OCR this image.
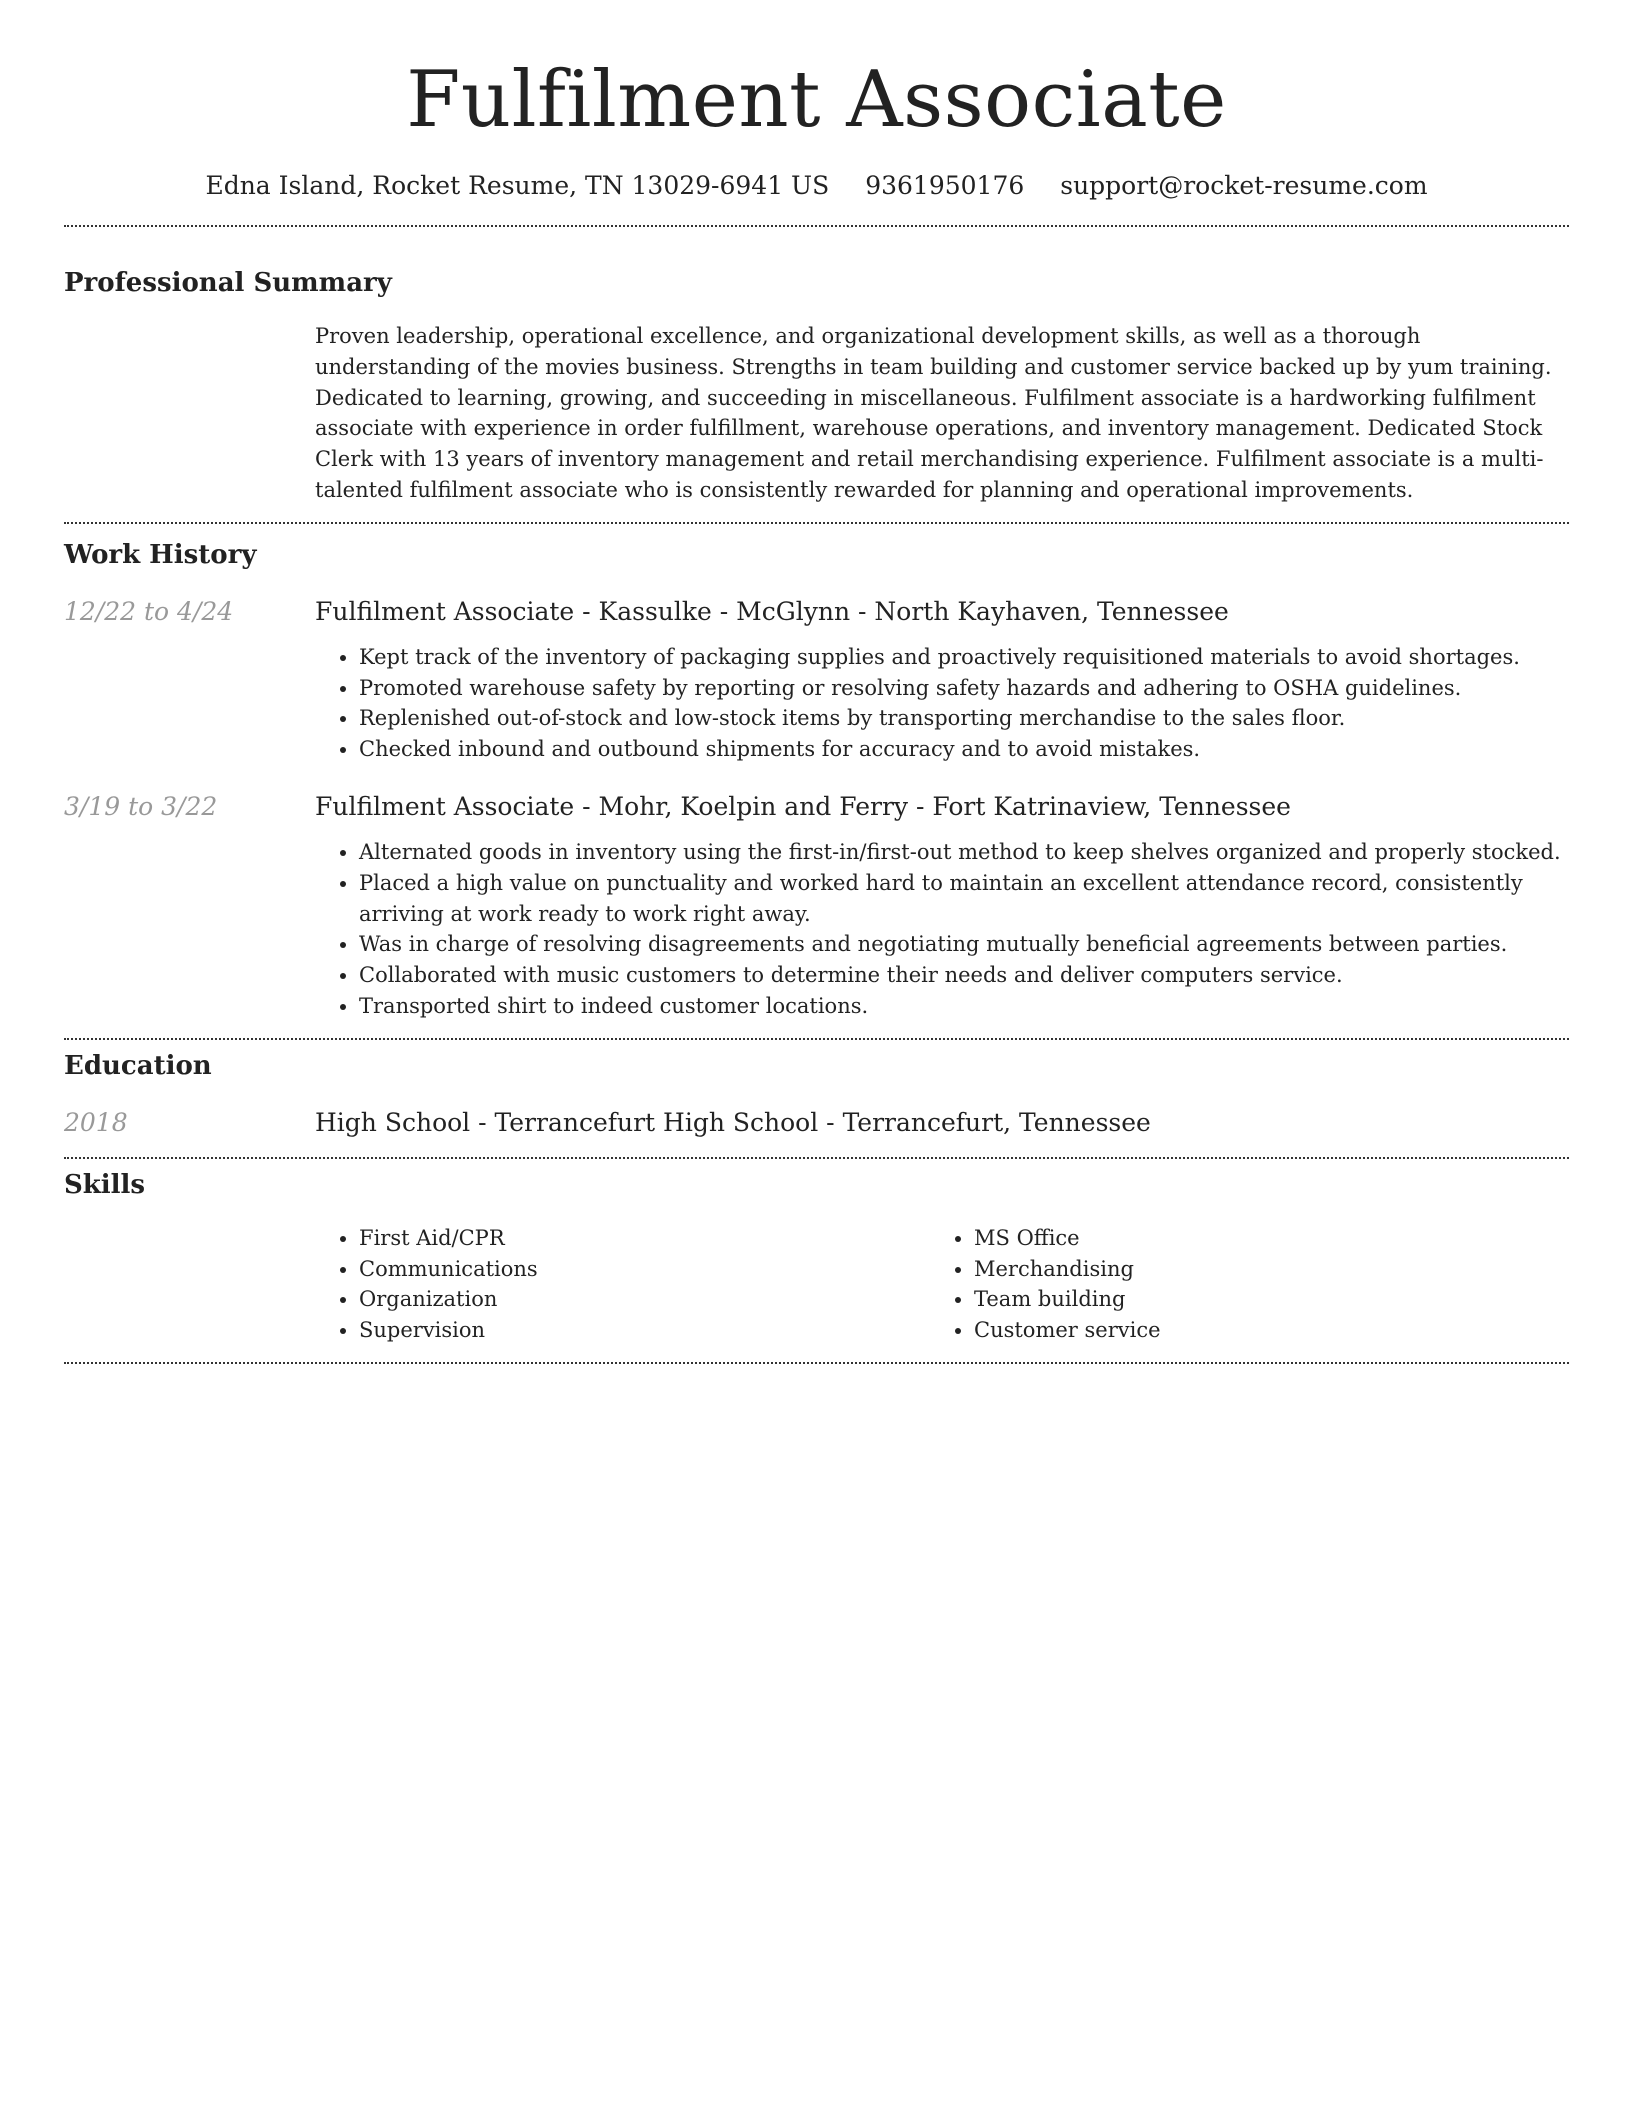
Fulfilment Associate
Edna Island, Rocket Resume, TN 13029-6941 US 9361950176 support@rocket-resume.com
Professional Summary

Proven leadership, operational excellence, and organizational development skills, as well as a thorough understanding of the movies business. Strengths in team building and customer service backed up by yum training. Dedicated to learning, growing, and succeeding in miscellaneous. Fulfilment associate is a hardworking fulfilment associate with experience in order fulfillment, warehouse operations, and inventory management. Dedicated Stock Clerk with 13 years of inventory management and retail merchandising experience. Fulfilment associate is a multi-talented fulfilment associate who is consistently rewarded for planning and operational improvements.

Work History
12/22 to 4/24	Fulfilment Associate - Kassulke - McGlynn - North Kayhaven, Tennessee

• Kept track of the inventory of packaging supplies and proactively requisitioned materials to avoid shortages.
• Promoted warehouse safety by reporting or resolving safety hazards and adhering to OSHA guidelines.
• Replenished out-of-stock and low-stock items by transporting merchandise to the sales floor.
• Checked inbound and outbound shipments for accuracy and to avoid mistakes.
3/19 to 3/22	Fulfilment Associate - Mohr, Koelpin and Ferry - Fort Katrinaview, Tennessee

• Alternated goods in inventory using the first-in/first-out method to keep shelves organized and properly stocked.
• Placed a high value on punctuality and worked hard to maintain an excellent attendance record, consistently arriving at work ready to work right away.
• Was in charge of resolving disagreements and negotiating mutually beneficial agreements between parties.
• Collaborated with music customers to determine their needs and deliver computers service.
• Transported shirt to indeed customer locations.
Education
2018	High School - Terrancefurt High School - Terrancefurt, Tennessee

Skills
• First Aid/CPR
• Communications
• Organization
• Supervision
• MS Office
• Merchandising
• Team building
• Customer service
